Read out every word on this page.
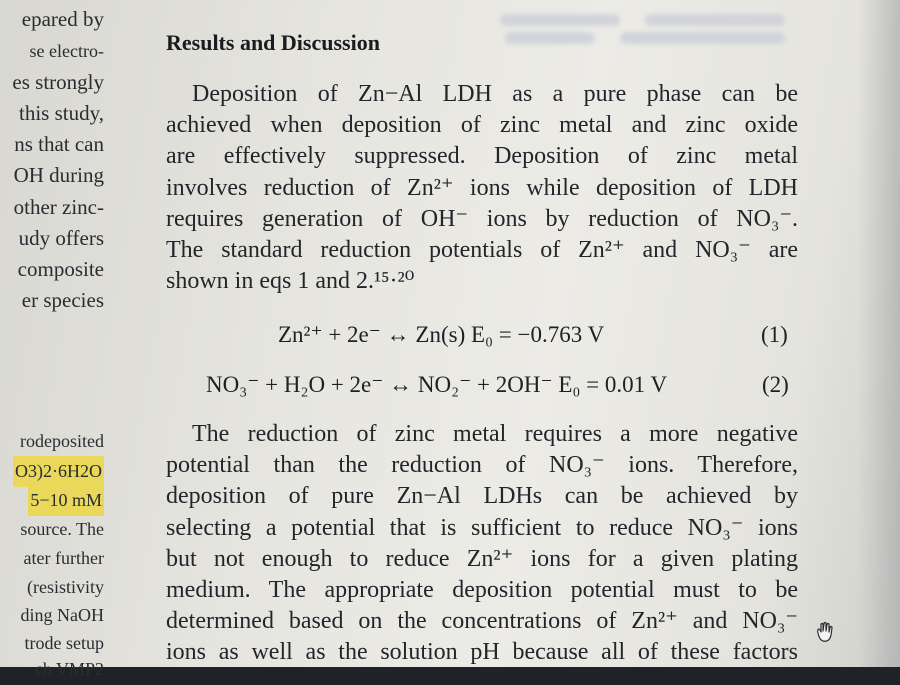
epared by
se electro-
es strongly
this study,
ns that can
OH during
other zinc-
udy offers
composite
er species
rodeposited
O3)2·6H2O
5−10 mM
source. The
ater further
(resistivity
ding NaOH
trode setup
ch VMP2
Results and Discussion
Deposition of Zn−Al LDH as a pure phase can be
achieved when deposition of zinc metal and zinc oxide
are effectively suppressed. Deposition of zinc metal
involves reduction of Zn²⁺ ions while deposition of LDH
requires generation of OH⁻ ions by reduction of NO₃⁻.
The standard reduction potentials of Zn²⁺ and NO₃⁻ are
shown in eqs 1 and 2.¹⁵·²⁰
Zn²⁺ + 2e⁻ ↔ Zn(s) E₀ = −0.763 V	(1)
NO₃⁻ + H₂O + 2e⁻ ↔ NO₂⁻ + 2OH⁻ E₀ = 0.01 V	(2)
The reduction of zinc metal requires a more negative
potential than the reduction of NO₃⁻ ions. Therefore,
deposition of pure Zn−Al LDHs can be achieved by
selecting a potential that is sufficient to reduce NO₃⁻ ions
but not enough to reduce Zn²⁺ ions for a given plating
medium. The appropriate deposition potential must to be
determined based on the concentrations of Zn²⁺ and NO₃⁻
ions as well as the solution pH because all of these factors
